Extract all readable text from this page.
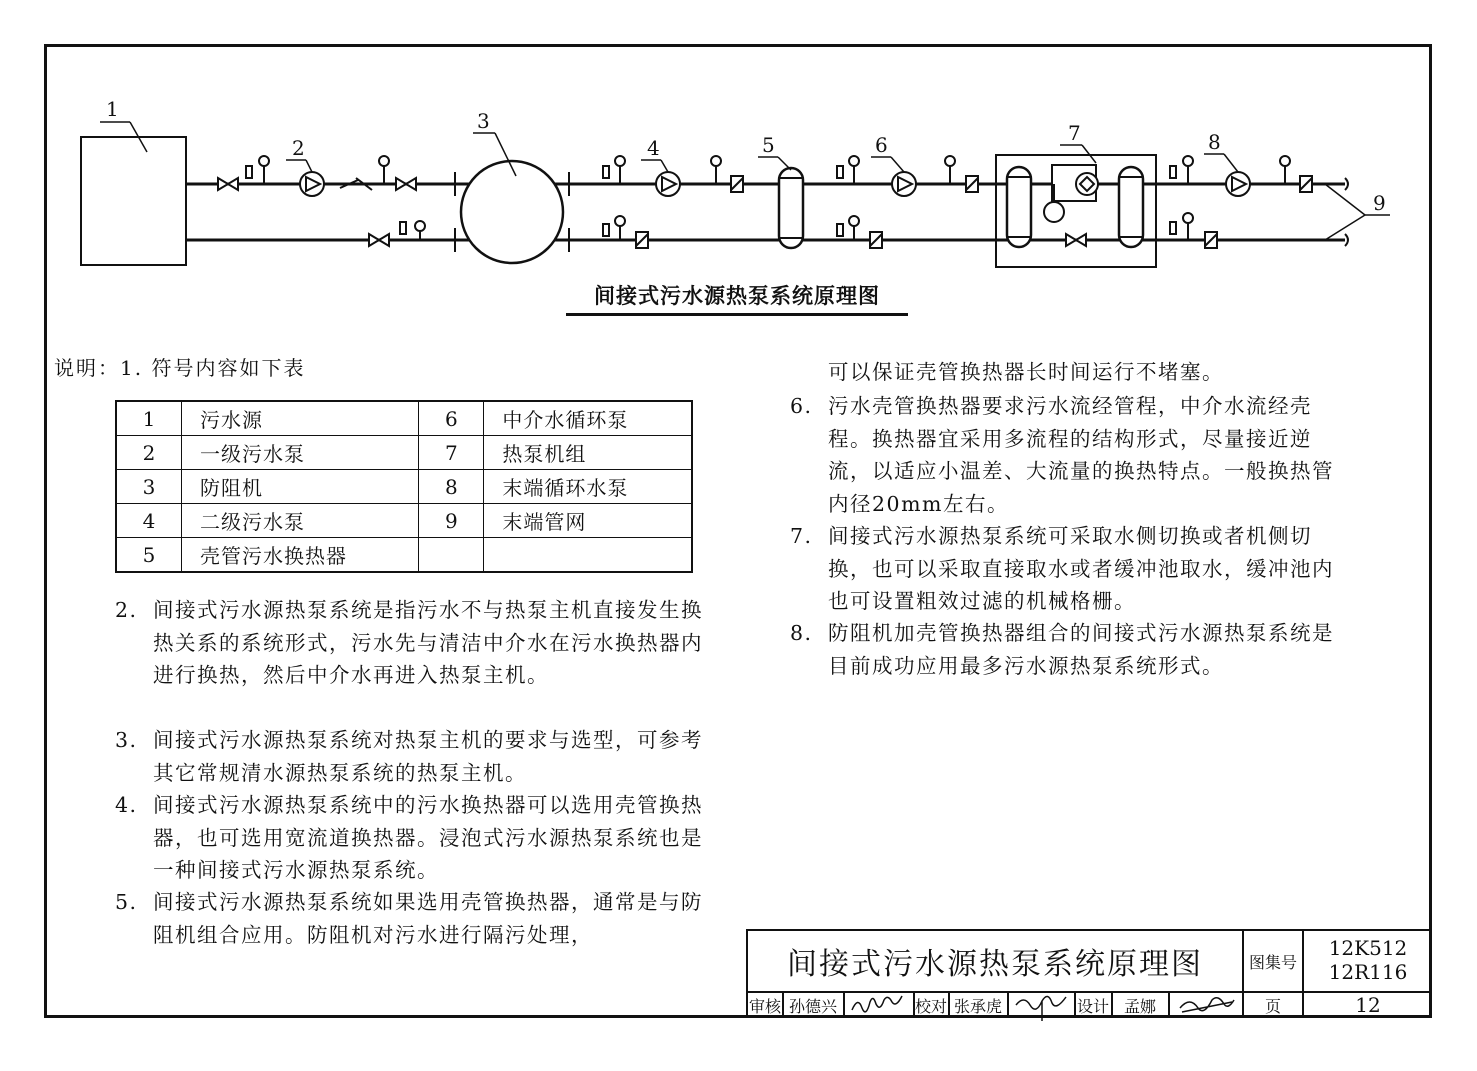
1
2
3
4	5	6	7	8
9
间接式污水源热泵系统原理图
说明：1. 符号内容如下表
1	污水源	6	中介水循环泵
2	一级污水泵	7	热泵机组
3	防阻机	8	末端循环水泵
4	二级污水泵	9	末端管网
5	壳管污水换热器		
2. 间接式污水源热泵系统是指污水不与热泵主机直接发生换热关系的系统形式，污水先与清洁中介水在污水换热器内进行换热，然后中介水再进入热泵主机。
3. 间接式污水源热泵系统对热泵主机的要求与选型，可参考其它常规清水源热泵系统的热泵主机。
4. 间接式污水源热泵系统中的污水换热器可以选用壳管换热器，也可选用宽流道换热器。浸泡式污水源热泵系统也是一种间接式污水源热泵系统。
5. 间接式污水源热泵系统如果选用壳管换热器，通常是与防阻机组合应用。防阻机对污水进行隔污处理，
可以保证壳管换热器长时间运行不堵塞。
6. 污水壳管换热器要求污水流经管程，中介水流经壳程。换热器宜采用多流程的结构形式，尽量接近逆流，以适应小温差、大流量的换热特点。一般换热管内径20mm左右。
7. 间接式污水源热泵系统可采取水侧切换或者机侧切换，也可以采取直接取水或者缓冲池取水，缓冲池内也可设置粗效过滤的机械格栅。
8. 防阻机加壳管换热器组合的间接式污水源热泵系统是目前成功应用最多污水源热泵系统形式。
间接式污水源热泵系统原理图	图集号
12K512
12R116
审核 孙德兴	校对 张承虎	设计 孟娜	页	12
